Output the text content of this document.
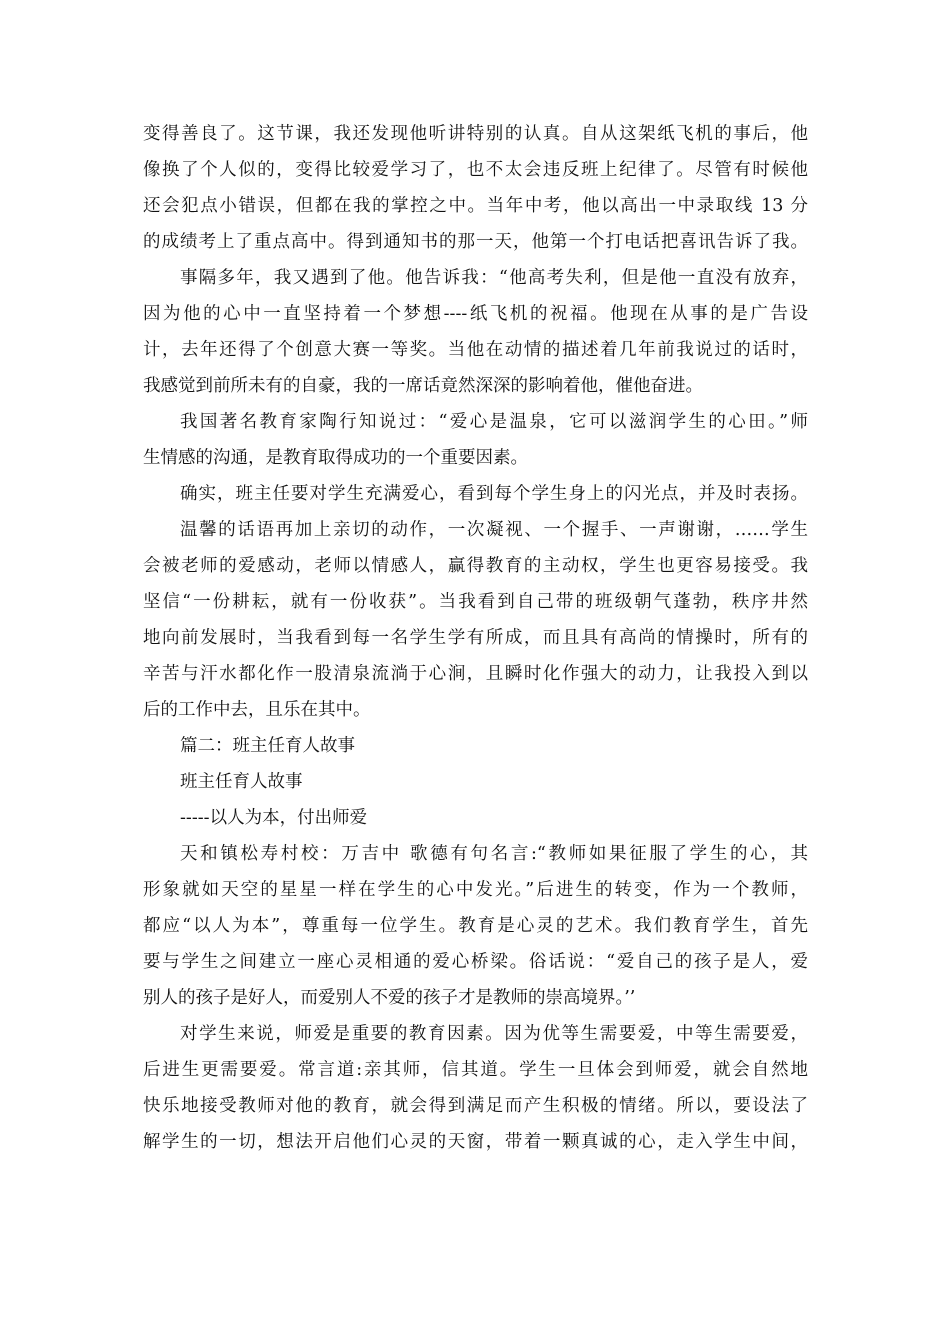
变得善良了。这节课，我还发现他听讲特别的认真。自从这架纸飞机的事后，他
像换了个人似的，变得比较爱学习了，也不太会违反班上纪律了。尽管有时候他
还会犯点小错误，但都在我的掌控之中。当年中考，他以高出一中录取线 13 分
的成绩考上了重点高中。得到通知书的那一天，他第一个打电话把喜讯告诉了我。
事隔多年，我又遇到了他。他告诉我：“他高考失利，但是他一直没有放弃，
因为他的心中一直坚持着一个梦想----纸飞机的祝福。他现在从事的是广告设
计，去年还得了个创意大赛一等奖。当他在动情的描述着几年前我说过的话时，
我感觉到前所未有的自豪，我的一席话竟然深深的影响着他，催他奋进。
我国著名教育家陶行知说过：“爱心是温泉，它可以滋润学生的心田。”师
生情感的沟通，是教育取得成功的一个重要因素。
确实，班主任要对学生充满爱心，看到每个学生身上的闪光点，并及时表扬。
温馨的话语再加上亲切的动作，一次凝视、一个握手、一声谢谢，……学生
会被老师的爱感动，老师以情感人，赢得教育的主动权，学生也更容易接受。我
坚信“一份耕耘，就有一份收获”。当我看到自己带的班级朝气蓬勃，秩序井然
地向前发展时，当我看到每一名学生学有所成，而且具有高尚的情操时，所有的
辛苦与汗水都化作一股清泉流淌于心涧，且瞬时化作强大的动力，让我投入到以
后的工作中去，且乐在其中。
篇二：班主任育人故事
班主任育人故事
-----以人为本，付出师爱
天和镇松寿村校：万吉中 歌德有句名言:“教师如果征服了学生的心，其
形象就如天空的星星一样在学生的心中发光。”后进生的转变，作为一个教师，
都应“以人为本”，尊重每一位学生。教育是心灵的艺术。我们教育学生，首先
要与学生之间建立一座心灵相通的爱心桥梁。俗话说：“爱自己的孩子是人，爱
别人的孩子是好人，而爱别人不爱的孩子才是教师的崇高境界。’’
对学生来说，师爱是重要的教育因素。因为优等生需要爱，中等生需要爱，
后进生更需要爱。常言道:亲其师，信其道。学生一旦体会到师爱，就会自然地
快乐地接受教师对他的教育，就会得到满足而产生积极的情绪。所以，要设法了
解学生的一切，想法开启他们心灵的天窗，带着一颗真诚的心，走入学生中间，
